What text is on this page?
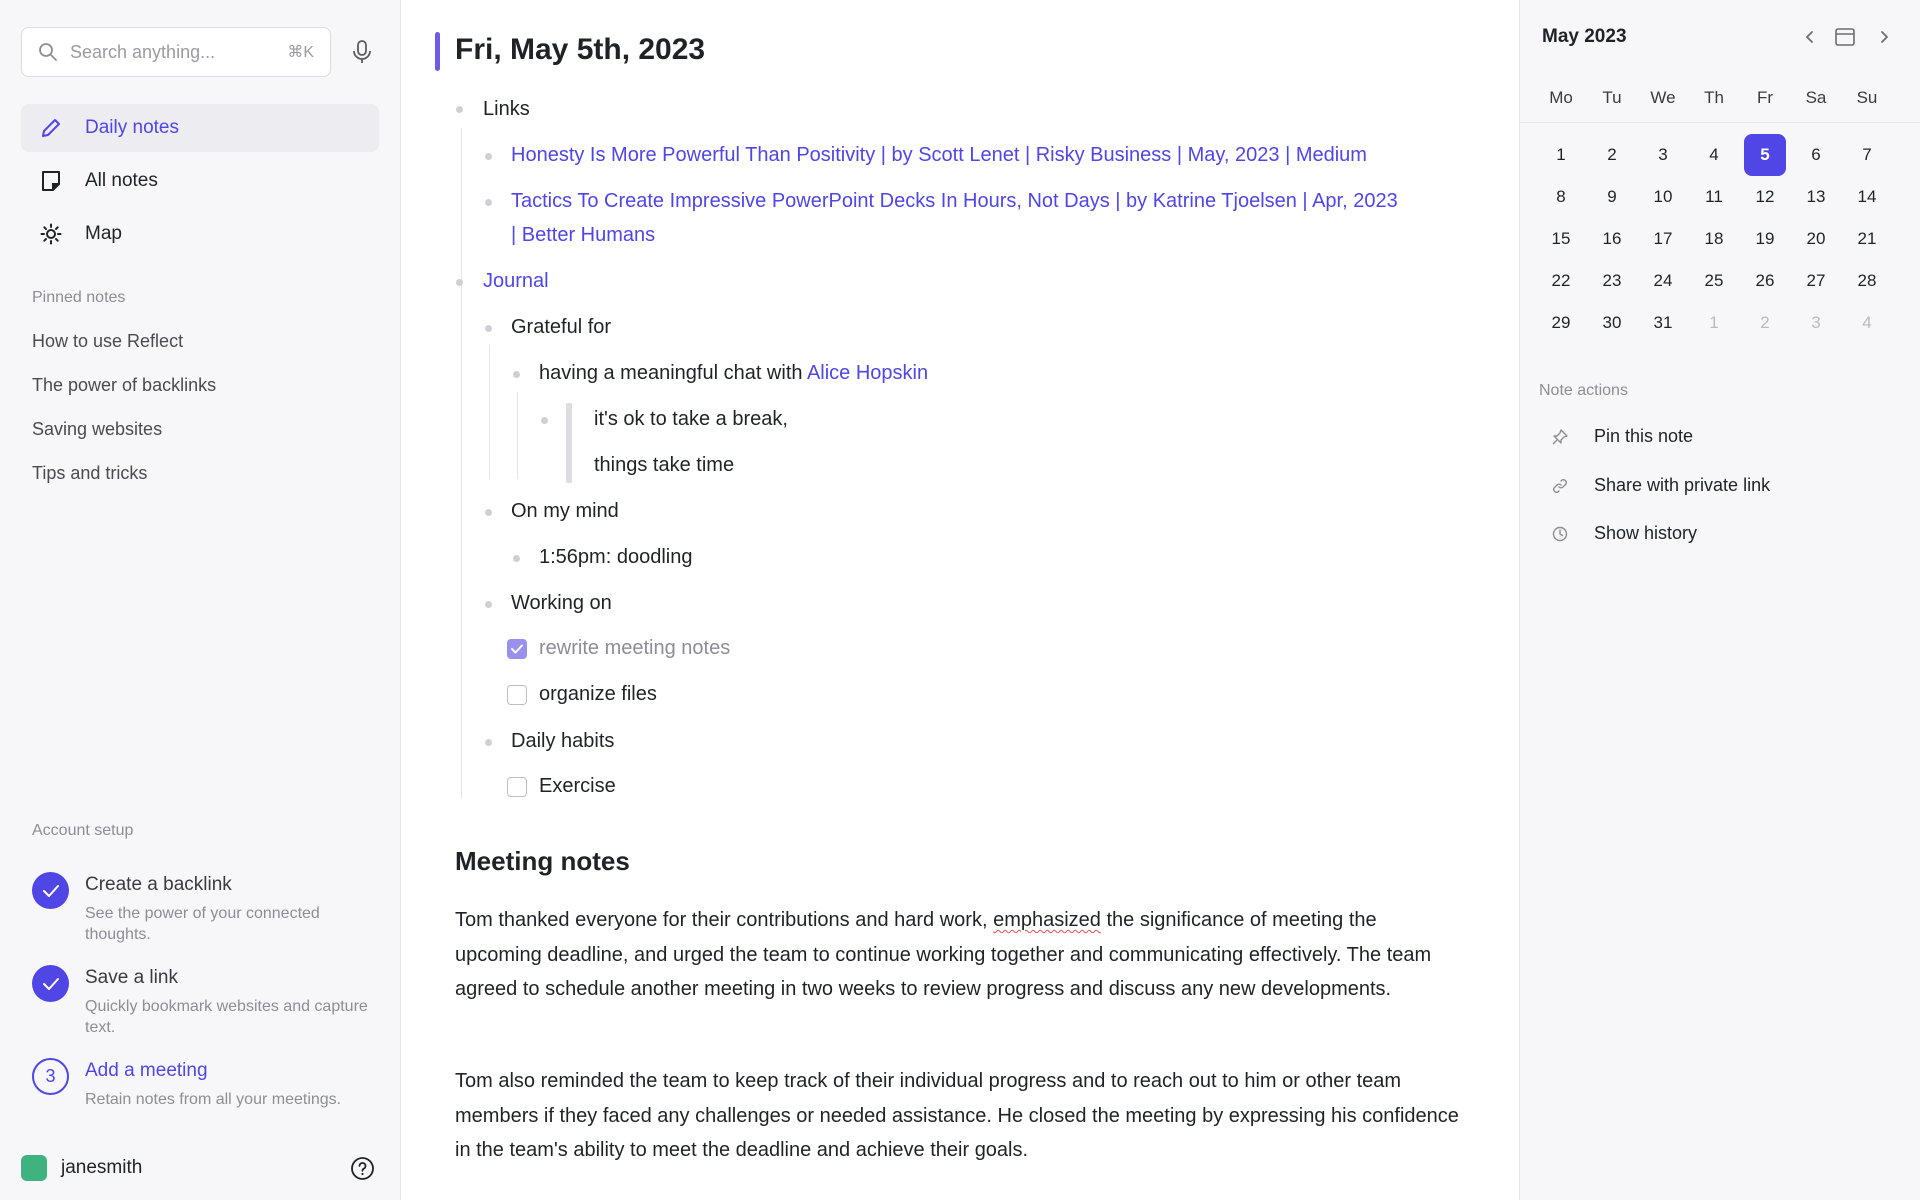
Search anything...	⌘K
Daily notes
All notes
Map
Pinned notes
How to use Reflect
The power of backlinks
Saving websites
Tips and tricks
Account setup
Create a backlink
See the power of your connected thoughts.
Save a link
Quickly bookmark websites and capture text.
3	Add a meeting
Retain notes from all your meetings.
janesmith
Fri, May 5th, 2023
Links
Honesty Is More Powerful Than Positivity | by Scott Lenet | Risky Business | May, 2023 | Medium
Tactics To Create Impressive PowerPoint Decks In Hours, Not Days | by Katrine Tjoelsen | Apr, 2023
| Better Humans
Journal
Grateful for
having a meaningful chat with Alice Hopskin
it's ok to take a break,
things take time
On my mind
1:56pm: doodling
Working on
rewrite meeting notes
organize files
Daily habits
Exercise
Meeting notes

Tom thanked everyone for their contributions and hard work, emphasized the significance of meeting the upcoming deadline, and urged the team to continue working together and communicating effectively. The team agreed to schedule another meeting in two weeks to review progress and discuss any new developments.

Tom also reminded the team to keep track of their individual progress and to reach out to him or other team members if they faced any challenges or needed assistance. He closed the meeting by expressing his confidence in the team's ability to meet the deadline and achieve their goals.

May 2023
Mo	Tu	We	Th	Fr	Sa	Su
1	2	3	4	5	6	7
8	9	10	11	12	13	14
15	16	17	18	19	20	21
22	23	24	25	26	27	28
29	30	31	1	2	3	4
Note actions
Pin this note
Share with private link
Show history
